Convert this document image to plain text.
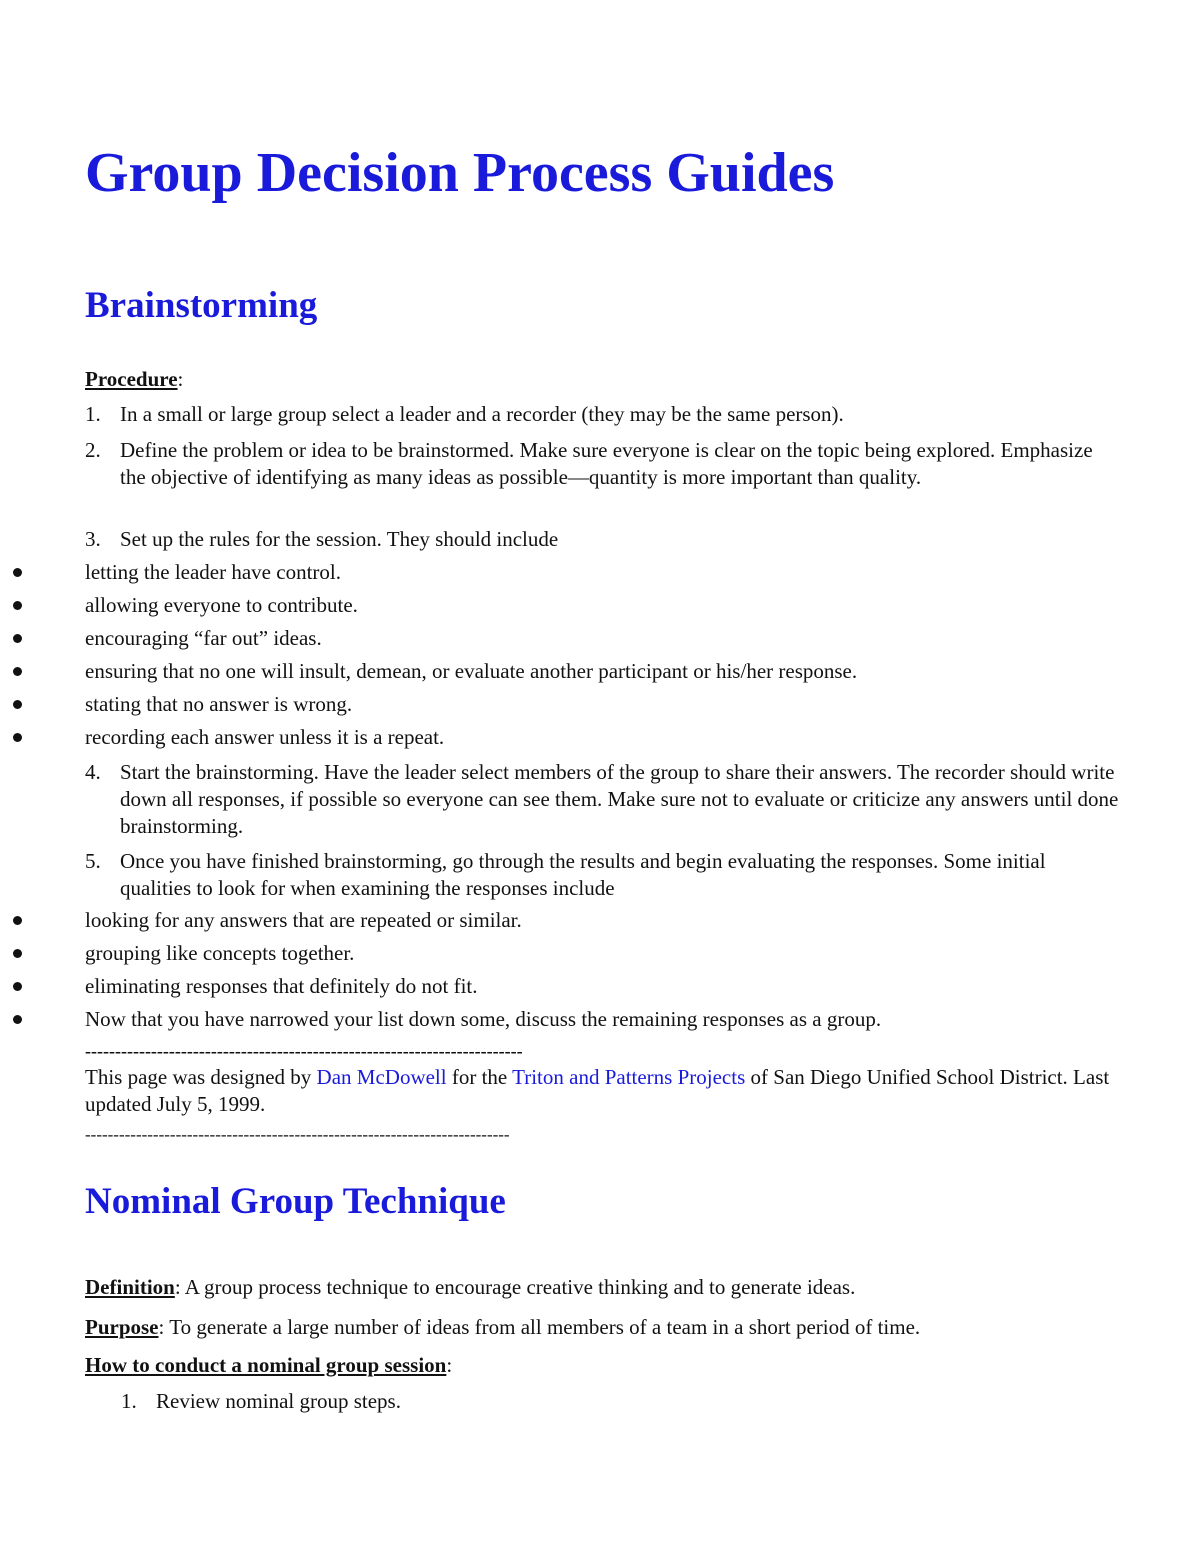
Group Decision Process Guides
Brainstorming
Procedure:
1. In a small or large group select a leader and a recorder (they may be the same person).
2. Define the problem or idea to be brainstormed. Make sure everyone is clear on the topic being explored. Emphasize the objective of identifying as many ideas as possible—quantity is more important than quality.
3. Set up the rules for the session. They should include
letting the leader have control.
allowing everyone to contribute.
encouraging “far out” ideas.
ensuring that no one will insult, demean, or evaluate another participant or his/her response.
stating that no answer is wrong.
recording each answer unless it is a repeat.
4. Start the brainstorming. Have the leader select members of the group to share their answers. The recorder should write down all responses, if possible so everyone can see them. Make sure not to evaluate or criticize any answers until done brainstorming.
5. Once you have finished brainstorming, go through the results and begin evaluating the responses. Some initial qualities to look for when examining the responses include
looking for any answers that are repeated or similar.
grouping like concepts together.
eliminating responses that definitely do not fit.
Now that you have narrowed your list down some, discuss the remaining responses as a group.
-------------------------------------------------------------------------
This page was designed by Dan McDowell for the Triton and Patterns Projects of San Diego Unified School District. Last updated July 5, 1999.
---------------------------------------------------------------------------
Nominal Group Technique
Definition: A group process technique to encourage creative thinking and to generate ideas.
Purpose: To generate a large number of ideas from all members of a team in a short period of time.
How to conduct a nominal group session:
1. Review nominal group steps.
